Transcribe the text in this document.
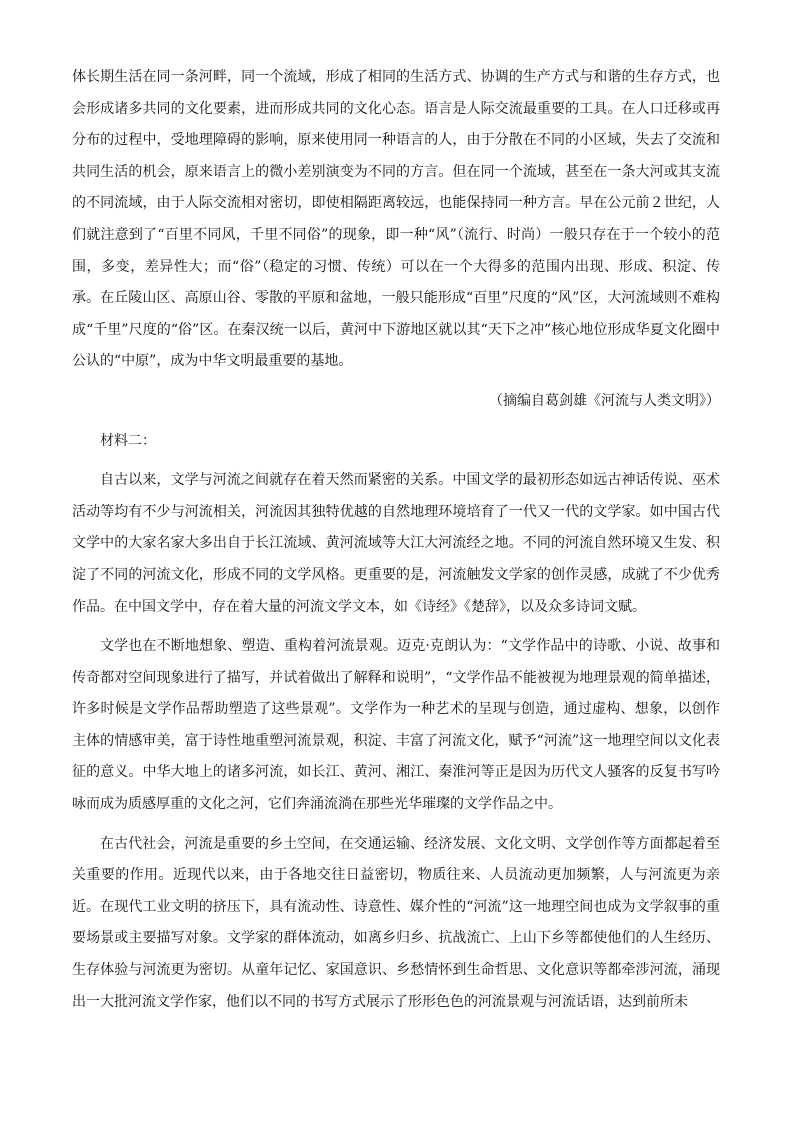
体长期生活在同一条河畔，同一个流域，形成了相同的生活方式、协调的生产方式与和谐的生存方式，也会形成诸多共同的文化要素，进而形成共同的文化心态。语言是人际交流最重要的工具。在人口迁移或再分布的过程中，受地理障碍的影响，原来使用同一种语言的人，由于分散在不同的小区域，失去了交流和共同生活的机会，原来语言上的微小差别演变为不同的方言。但在同一个流域，甚至在一条大河或其支流的不同流域，由于人际交流相对密切，即使相隔距离较远，也能保持同一种方言。早在公元前２世纪，人们就注意到了“百里不同风，千里不同俗”的现象，即一种“风”（流行、时尚）一般只存在于一个较小的范围，多变，差异性大；而“俗”（稳定的习惯、传统）可以在一个大得多的范围内出现、形成、积淀、传承。在丘陵山区、高原山谷、零散的平原和盆地，一般只能形成“百里”尺度的“风”区，大河流域则不难构成“千里”尺度的“俗”区。在秦汉统一以后，黄河中下游地区就以其“天下之冲”核心地位形成华夏文化圈中公认的“中原”，成为中华文明最重要的基地。

（摘编自葛剑雄《河流与人类文明》）

材料二：

自古以来，文学与河流之间就存在着天然而紧密的关系。中国文学的最初形态如远古神话传说、巫术活动等均有不少与河流相关，河流因其独特优越的自然地理环境培育了一代又一代的文学家。如中国古代文学中的大家名家大多出自于长江流域、黄河流域等大江大河流经之地。不同的河流自然环境又生发、积淀了不同的河流文化，形成不同的文学风格。更重要的是，河流触发文学家的创作灵感，成就了不少优秀作品。在中国文学中，存在着大量的河流文学文本，如《诗经》《楚辞》，以及众多诗词文赋。

文学也在不断地想象、塑造、重构着河流景观。迈克·克朗认为：“文学作品中的诗歌、小说、故事和传奇都对空间现象进行了描写，并试着做出了解释和说明”，“文学作品不能被视为地理景观的简单描述，许多时候是文学作品帮助塑造了这些景观”。文学作为一种艺术的呈现与创造，通过虚构、想象，以创作主体的情感审美，富于诗性地重塑河流景观，积淀、丰富了河流文化，赋予“河流”这一地理空间以文化表征的意义。中华大地上的诸多河流，如长江、黄河、湘江、秦淮河等正是因为历代文人骚客的反复书写吟咏而成为质感厚重的文化之河，它们奔涌流淌在那些光华璀璨的文学作品之中。

在古代社会，河流是重要的乡土空间，在交通运输、经济发展、文化文明、文学创作等方面都起着至关重要的作用。近现代以来，由于各地交往日益密切，物质往来、人员流动更加频繁，人与河流更为亲近。在现代工业文明的挤压下，具有流动性、诗意性、媒介性的“河流”这一地理空间也成为文学叙事的重要场景或主要描写对象。文学家的群体流动，如离乡归乡、抗战流亡、上山下乡等都使他们的人生经历、生存体验与河流更为密切。从童年记忆、家国意识、乡愁情怀到生命哲思、文化意识等都牵涉河流，涌现出一大批河流文学作家，他们以不同的书写方式展示了形形色色的河流景观与河流话语，达到前所未
